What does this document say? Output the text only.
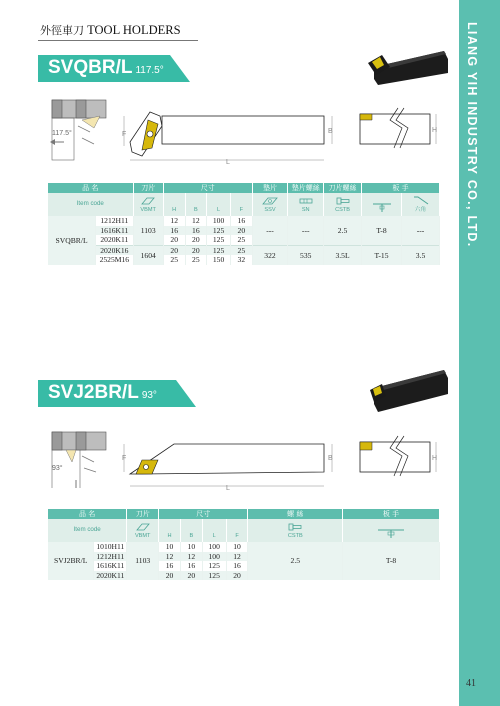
LIANG YIH INDUSTRY CO., LTD.
41
外徑車刀 TOOL HOLDERS
SVQBR/L 117.5°
117.5°	F
L
B	H
品 名		刀片	尺寸				墊片	墊片螺絲	刀片螺絲	板 手	
Item code		VBMT	H	B	L	F	SSV	SN	CSTB		六角
SVQBR/L	1212H11	1103	12	12	100	16	---	---	2.5	T-8	---
	1616K11		16	16	125	20					
	2020K11		20	20	125	25					
	2020K16	1604	20	20	125	25	322	535	3.5L	T-15	3.5
	2525M16		25	25	150	32					
SVJ2BR/L 93°
93°
F
L
B	H
品 名		刀片	尺寸				螺 絲	板 手
Item code		VBMT	H	B	L	F	CSTB	

SVJ2BR/L	1010H11	1103	10	10	100	10	2.5	T-8
	1212H11		12	12	100	12		
	1616K11		16	16	125	16		
	2020K11		20	20	125	20		
